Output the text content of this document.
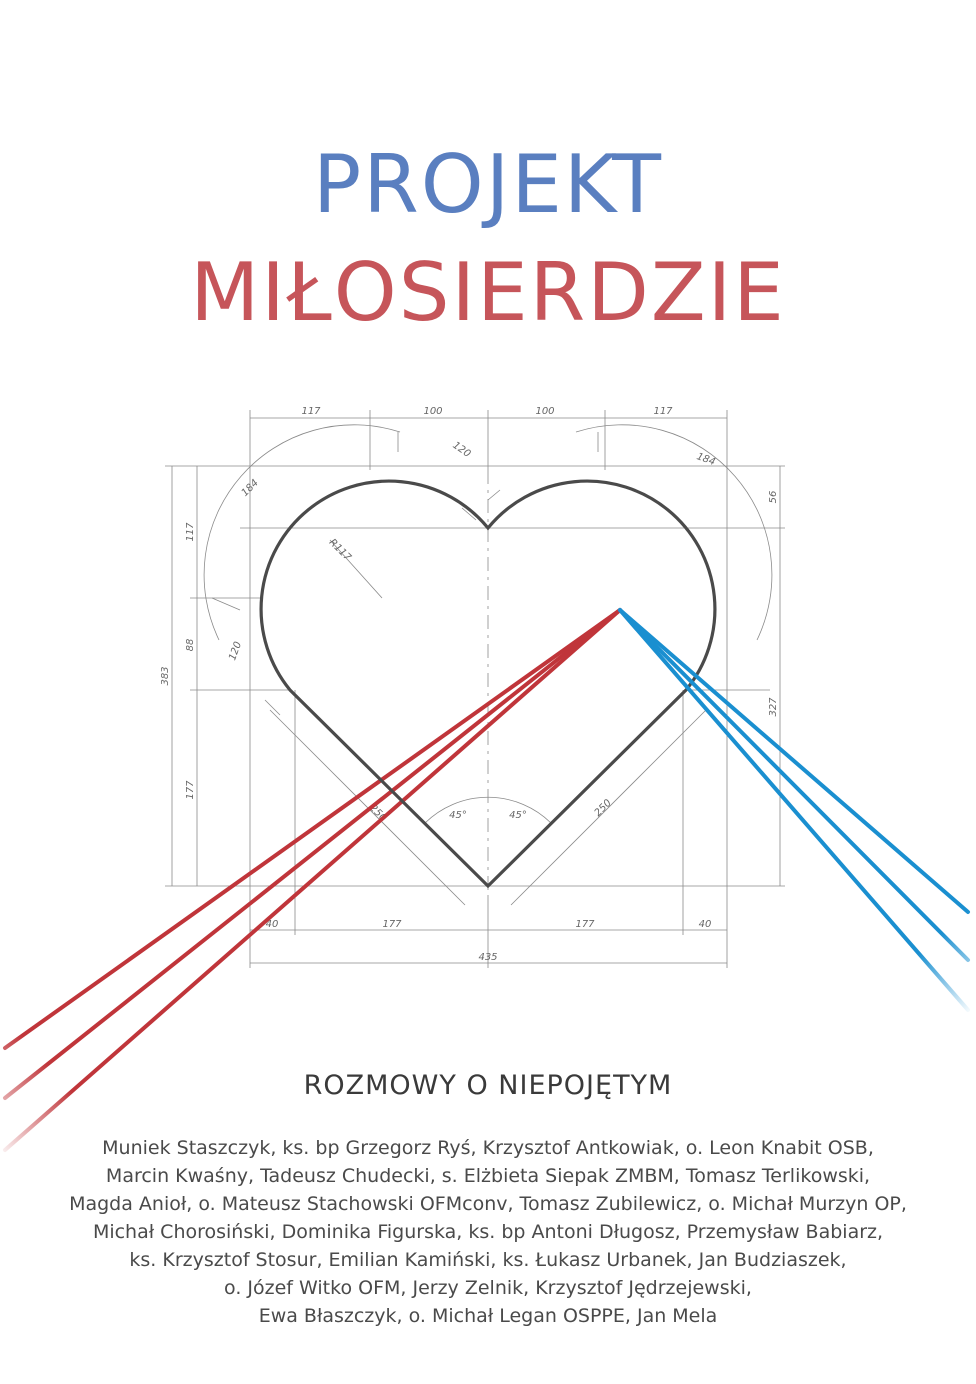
PROJEKT
MIŁOSIERDZIE
117	100	100	117
40	177	177	40
435
117
88
177
383
56
327
R117
45°	45°
250	250
120
184
184
120
ROZMOWY O NIEPOJĘTYM
Muniek Staszczyk, ks. bp Grzegorz Ryś, Krzysztof Antkowiak, o. Leon Knabit OSB,
Marcin Kwaśny, Tadeusz Chudecki, s. Elżbieta Siepak ZMBM, Tomasz Terlikowski,
Magda Anioł, o. Mateusz Stachowski OFMconv, Tomasz Zubilewicz, o. Michał Murzyn OP,
Michał Chorosiński, Dominika Figurska, ks. bp Antoni Długosz, Przemysław Babiarz,
ks. Krzysztof Stosur, Emilian Kamiński, ks. Łukasz Urbanek, Jan Budziaszek,
o. Józef Witko OFM, Jerzy Zelnik, Krzysztof Jędrzejewski,
Ewa Błaszczyk, o. Michał Legan OSPPE, Jan Mela
